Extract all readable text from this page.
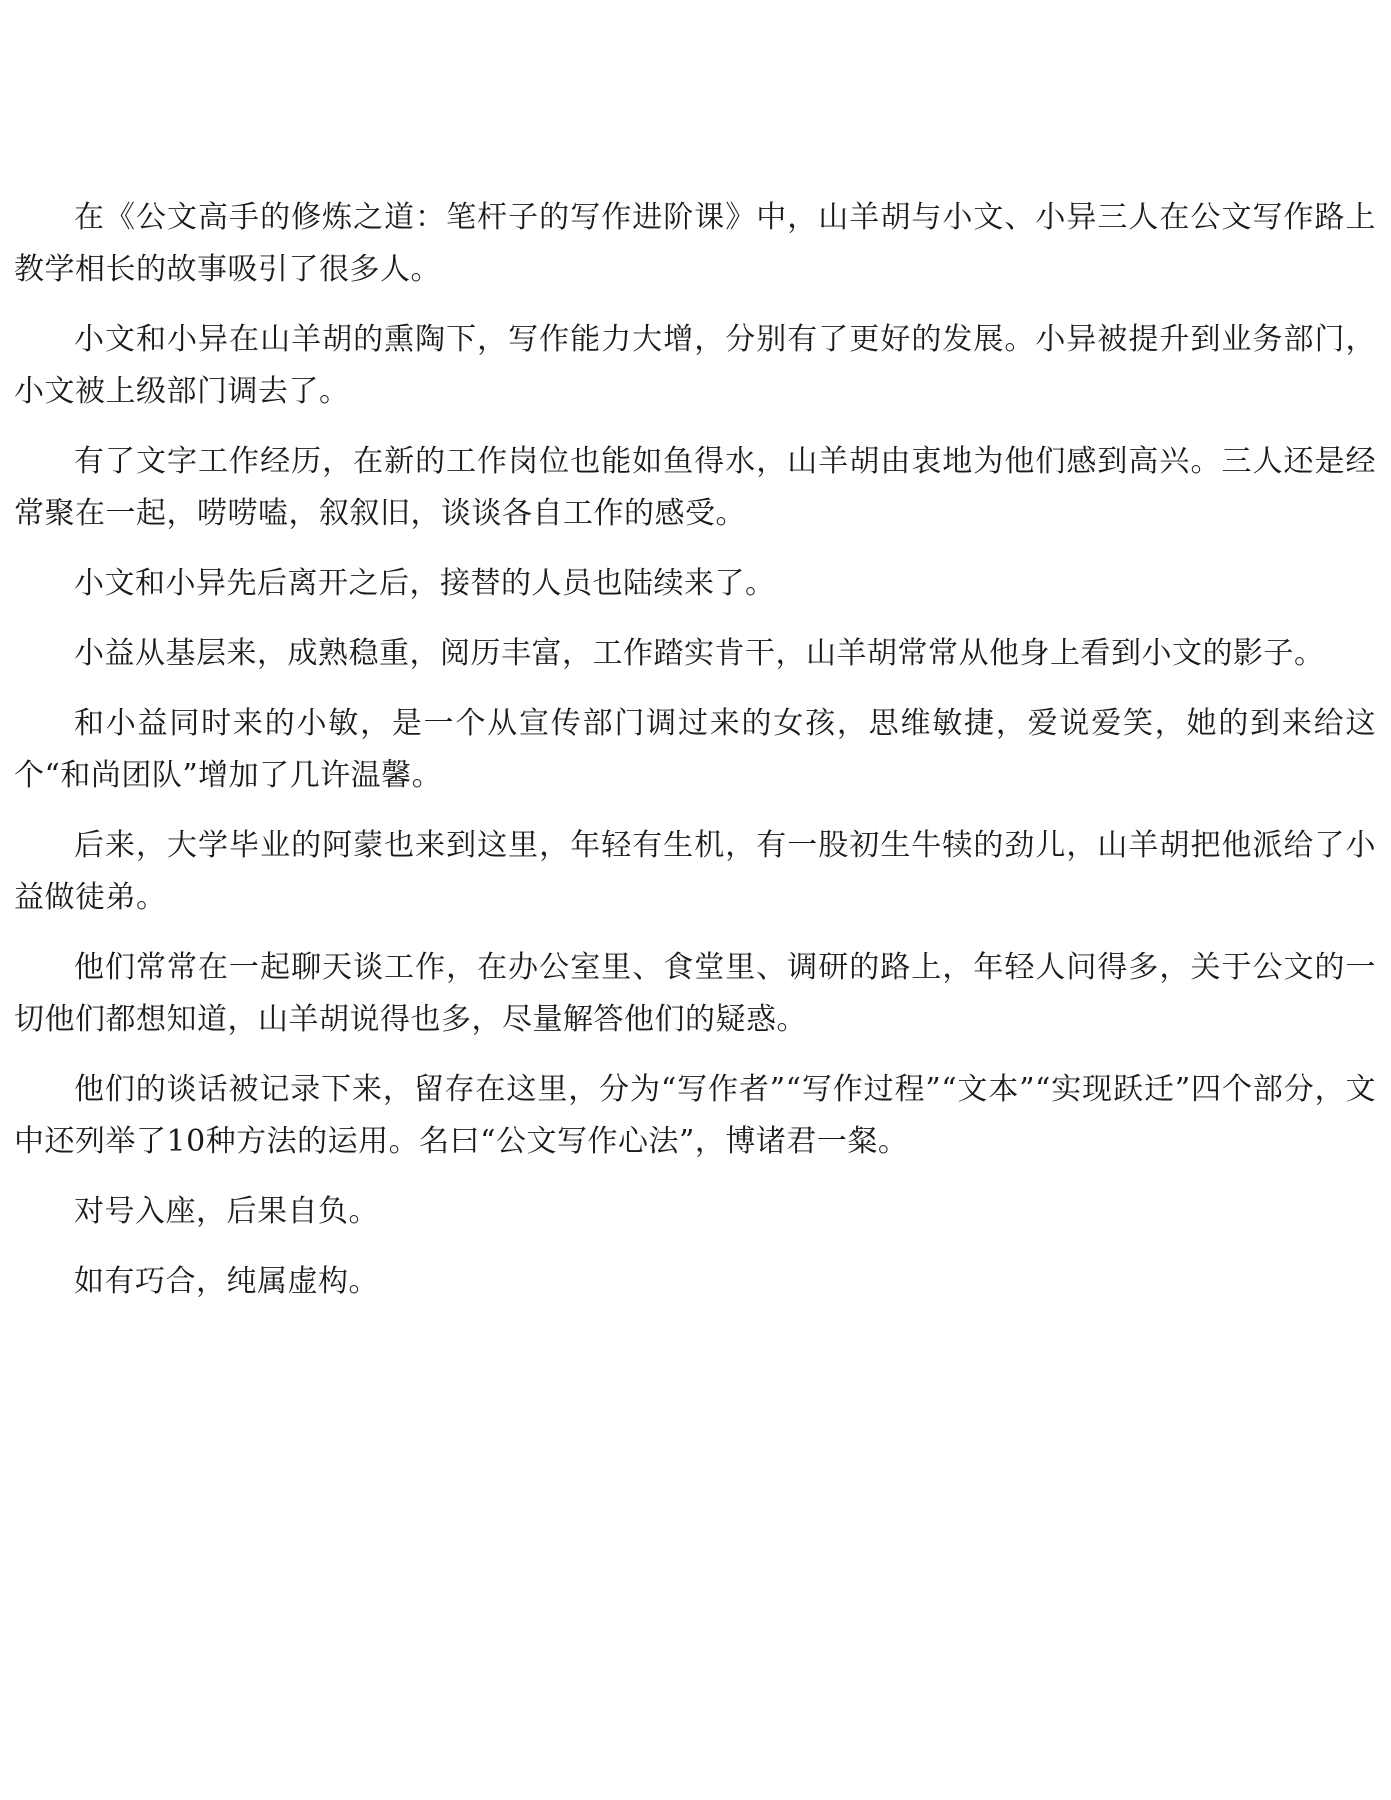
在《公文高手的修炼之道：笔杆子的写作进阶课》中，山羊胡与小文、小异三人在公文写作路上教学相长的故事吸引了很多人。

小文和小异在山羊胡的熏陶下，写作能力大增，分别有了更好的发展。小异被提升到业务部门，小文被上级部门调去了。

有了文字工作经历，在新的工作岗位也能如鱼得水，山羊胡由衷地为他们感到高兴。三人还是经常聚在一起，唠唠嗑，叙叙旧，谈谈各自工作的感受。

小文和小异先后离开之后，接替的人员也陆续来了。

小益从基层来，成熟稳重，阅历丰富，工作踏实肯干，山羊胡常常从他身上看到小文的影子。

和小益同时来的小敏，是一个从宣传部门调过来的女孩，思维敏捷，爱说爱笑，她的到来给这个“和尚团队”增加了几许温馨。

后来，大学毕业的阿蒙也来到这里，年轻有生机，有一股初生牛犊的劲儿，山羊胡把他派给了小益做徒弟。

他们常常在一起聊天谈工作，在办公室里、食堂里、调研的路上，年轻人问得多，关于公文的一切他们都想知道，山羊胡说得也多，尽量解答他们的疑惑。

他们的谈话被记录下来，留存在这里，分为“写作者”“写作过程”“文本”“实现跃迁”四个部分，文中还列举了10种方法的运用。名曰“公文写作心法”，博诸君一粲。

对号入座，后果自负。

如有巧合，纯属虚构。
